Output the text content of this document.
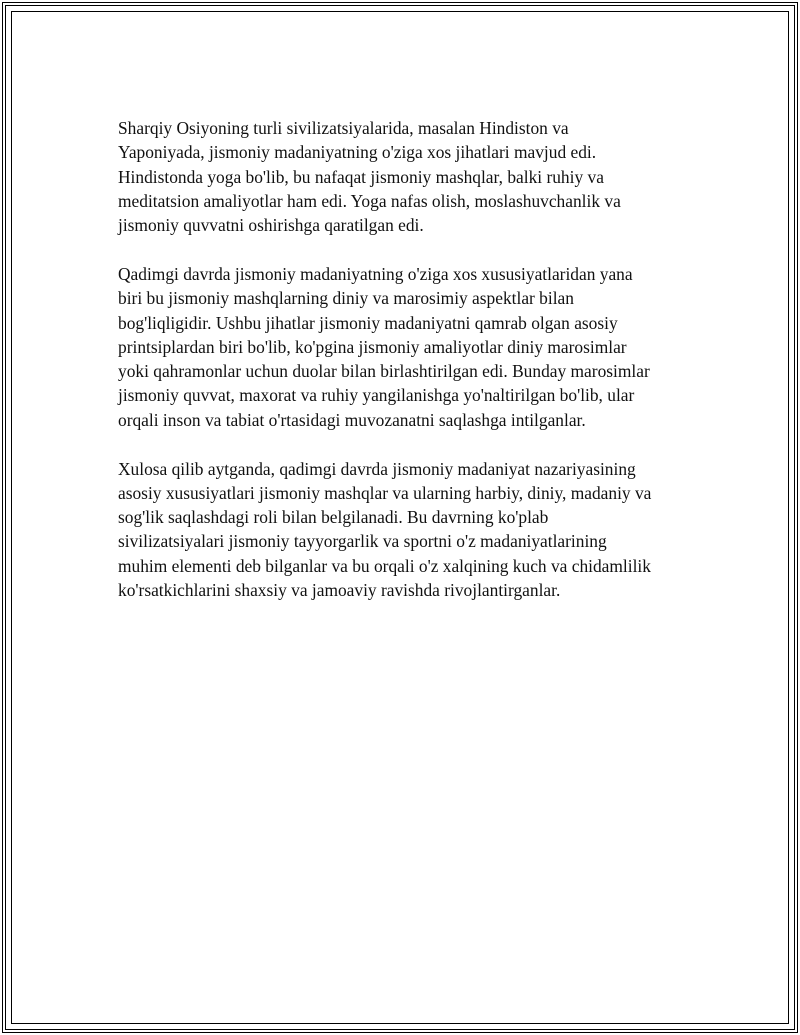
Sharqiy Osiyoning turli sivilizatsiyalarida, masalan Hindiston va
Yaponiyada, jismoniy madaniyatning o'ziga xos jihatlari mavjud edi.
Hindistonda yoga bo'lib, bu nafaqat jismoniy mashqlar, balki ruhiy va
meditatsion amaliyotlar ham edi. Yoga nafas olish, moslashuvchanlik va
jismoniy quvvatni oshirishga qaratilgan edi.

Qadimgi davrda jismoniy madaniyatning o'ziga xos xususiyatlaridan yana
biri bu jismoniy mashqlarning diniy va marosimiy aspektlar bilan
bog'liqligidir. Ushbu jihatlar jismoniy madaniyatni qamrab olgan asosiy
printsiplardan biri bo'lib, ko'pgina jismoniy amaliyotlar diniy marosimlar
yoki qahramonlar uchun duolar bilan birlashtirilgan edi. Bunday marosimlar
jismoniy quvvat, maxorat va ruhiy yangilanishga yo'naltirilgan bo'lib, ular
orqali inson va tabiat o'rtasidagi muvozanatni saqlashga intilganlar.

Xulosa qilib aytganda, qadimgi davrda jismoniy madaniyat nazariyasining
asosiy xususiyatlari jismoniy mashqlar va ularning harbiy, diniy, madaniy va
sog'lik saqlashdagi roli bilan belgilanadi. Bu davrning ko'plab
sivilizatsiyalari jismoniy tayyorgarlik va sportni o'z madaniyatlarining
muhim elementi deb bilganlar va bu orqali o'z xalqining kuch va chidamlilik
ko'rsatkichlarini shaxsiy va jamoaviy ravishda rivojlantirganlar.
